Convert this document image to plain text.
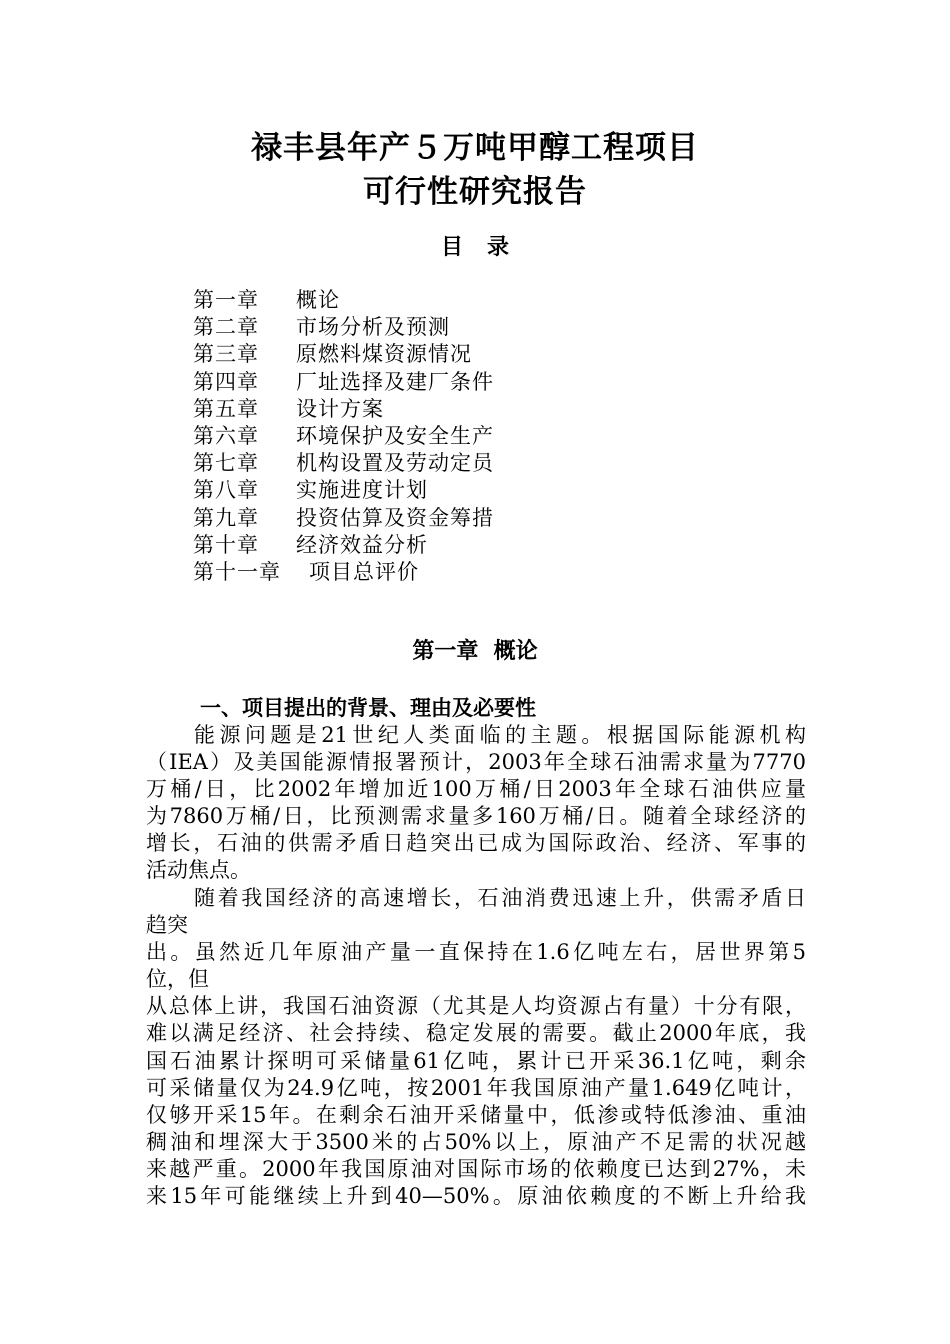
禄丰县年产５万吨甲醇工程项目
可行性研究报告
目录
第一章 概论
第二章 市场分析及预测
第三章 原燃料煤资源情况
第四章 厂址选择及建厂条件
第五章 设计方案
第六章 环境保护及安全生产
第七章 机构设置及劳动定员
第八章 实施进度计划
第九章 投资估算及资金筹措
第十章 经济效益分析
第十一章 项目总评价
第一章  概论
一、项目提出的背景、理由及必要性
能源问题是21世纪人类面临的主题。根据国际能源机构
（IEA）及美国能源情报署预计，2003年全球石油需求量为7770
万桶/日，比2002年增加近100万桶/日2003年全球石油供应量
为7860万桶/日，比预测需求量多160万桶/日。随着全球经济的
增长，石油的供需矛盾日趋突出已成为国际政治、经济、军事的
活动焦点。
随着我国经济的高速增长，石油消费迅速上升，供需矛盾日
趋突
出。虽然近几年原油产量一直保持在1.6亿吨左右，居世界第5
位，但
从总体上讲，我国石油资源（尤其是人均资源占有量）十分有限，
难以满足经济、社会持续、稳定发展的需要。截止2000年底，我
国石油累计探明可采储量61亿吨，累计已开采36.1亿吨，剩余
可采储量仅为24.9亿吨，按2001年我国原油产量1.649亿吨计，
仅够开采15年。在剩余石油开采储量中，低渗或特低渗油、重油
稠油和埋深大于3500米的占50%以上，原油产不足需的状况越
来越严重。2000年我国原油对国际市场的依赖度已达到27%，未
来15年可能继续上升到40—50%。原油依赖度的不断上升给我
